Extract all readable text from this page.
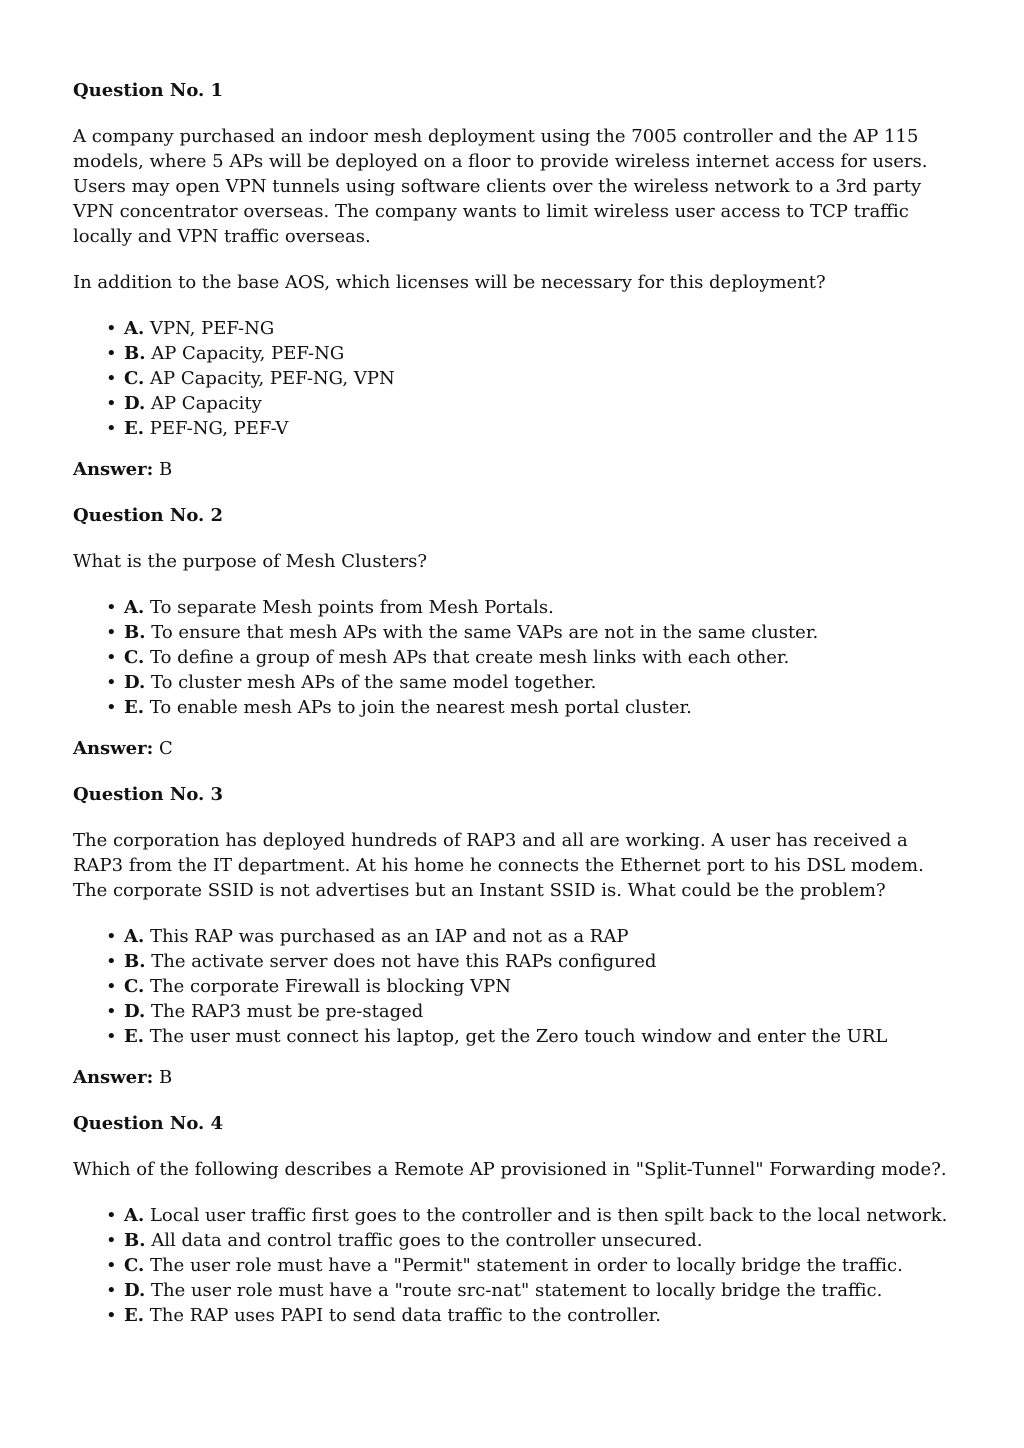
Question No. 1

A company purchased an indoor mesh deployment using the 7005 controller and the AP 115 models, where 5 APs will be deployed on a floor to provide wireless internet access for users. Users may open VPN tunnels using software clients over the wireless network to a 3rd party VPN concentrator overseas. The company wants to limit wireless user access to TCP traffic locally and VPN traffic overseas.

In addition to the base AOS, which licenses will be necessary for this deployment?

• A. VPN, PEF-NG
• B. AP Capacity, PEF-NG
• C. AP Capacity, PEF-NG, VPN
• D. AP Capacity
• E. PEF-NG, PEF-V

Answer: B

Question No. 2

What is the purpose of Mesh Clusters?

• A. To separate Mesh points from Mesh Portals.
• B. To ensure that mesh APs with the same VAPs are not in the same cluster.
• C. To define a group of mesh APs that create mesh links with each other.
• D. To cluster mesh APs of the same model together.
• E. To enable mesh APs to join the nearest mesh portal cluster.

Answer: C

Question No. 3

The corporation has deployed hundreds of RAP3 and all are working. A user has received a RAP3 from the IT department. At his home he connects the Ethernet port to his DSL modem. The corporate SSID is not advertises but an Instant SSID is. What could be the problem?

• A. This RAP was purchased as an IAP and not as a RAP
• B. The activate server does not have this RAPs configured
• C. The corporate Firewall is blocking VPN
• D. The RAP3 must be pre-staged
• E. The user must connect his laptop, get the Zero touch window and enter the URL

Answer: B

Question No. 4

Which of the following describes a Remote AP provisioned in "Split-Tunnel" Forwarding mode?.

• A. Local user traffic first goes to the controller and is then spilt back to the local network.
• B. All data and control traffic goes to the controller unsecured.
• C. The user role must have a "Permit" statement in order to locally bridge the traffic.
• D. The user role must have a "route src-nat" statement to locally bridge the traffic.
• E. The RAP uses PAPI to send data traffic to the controller.
